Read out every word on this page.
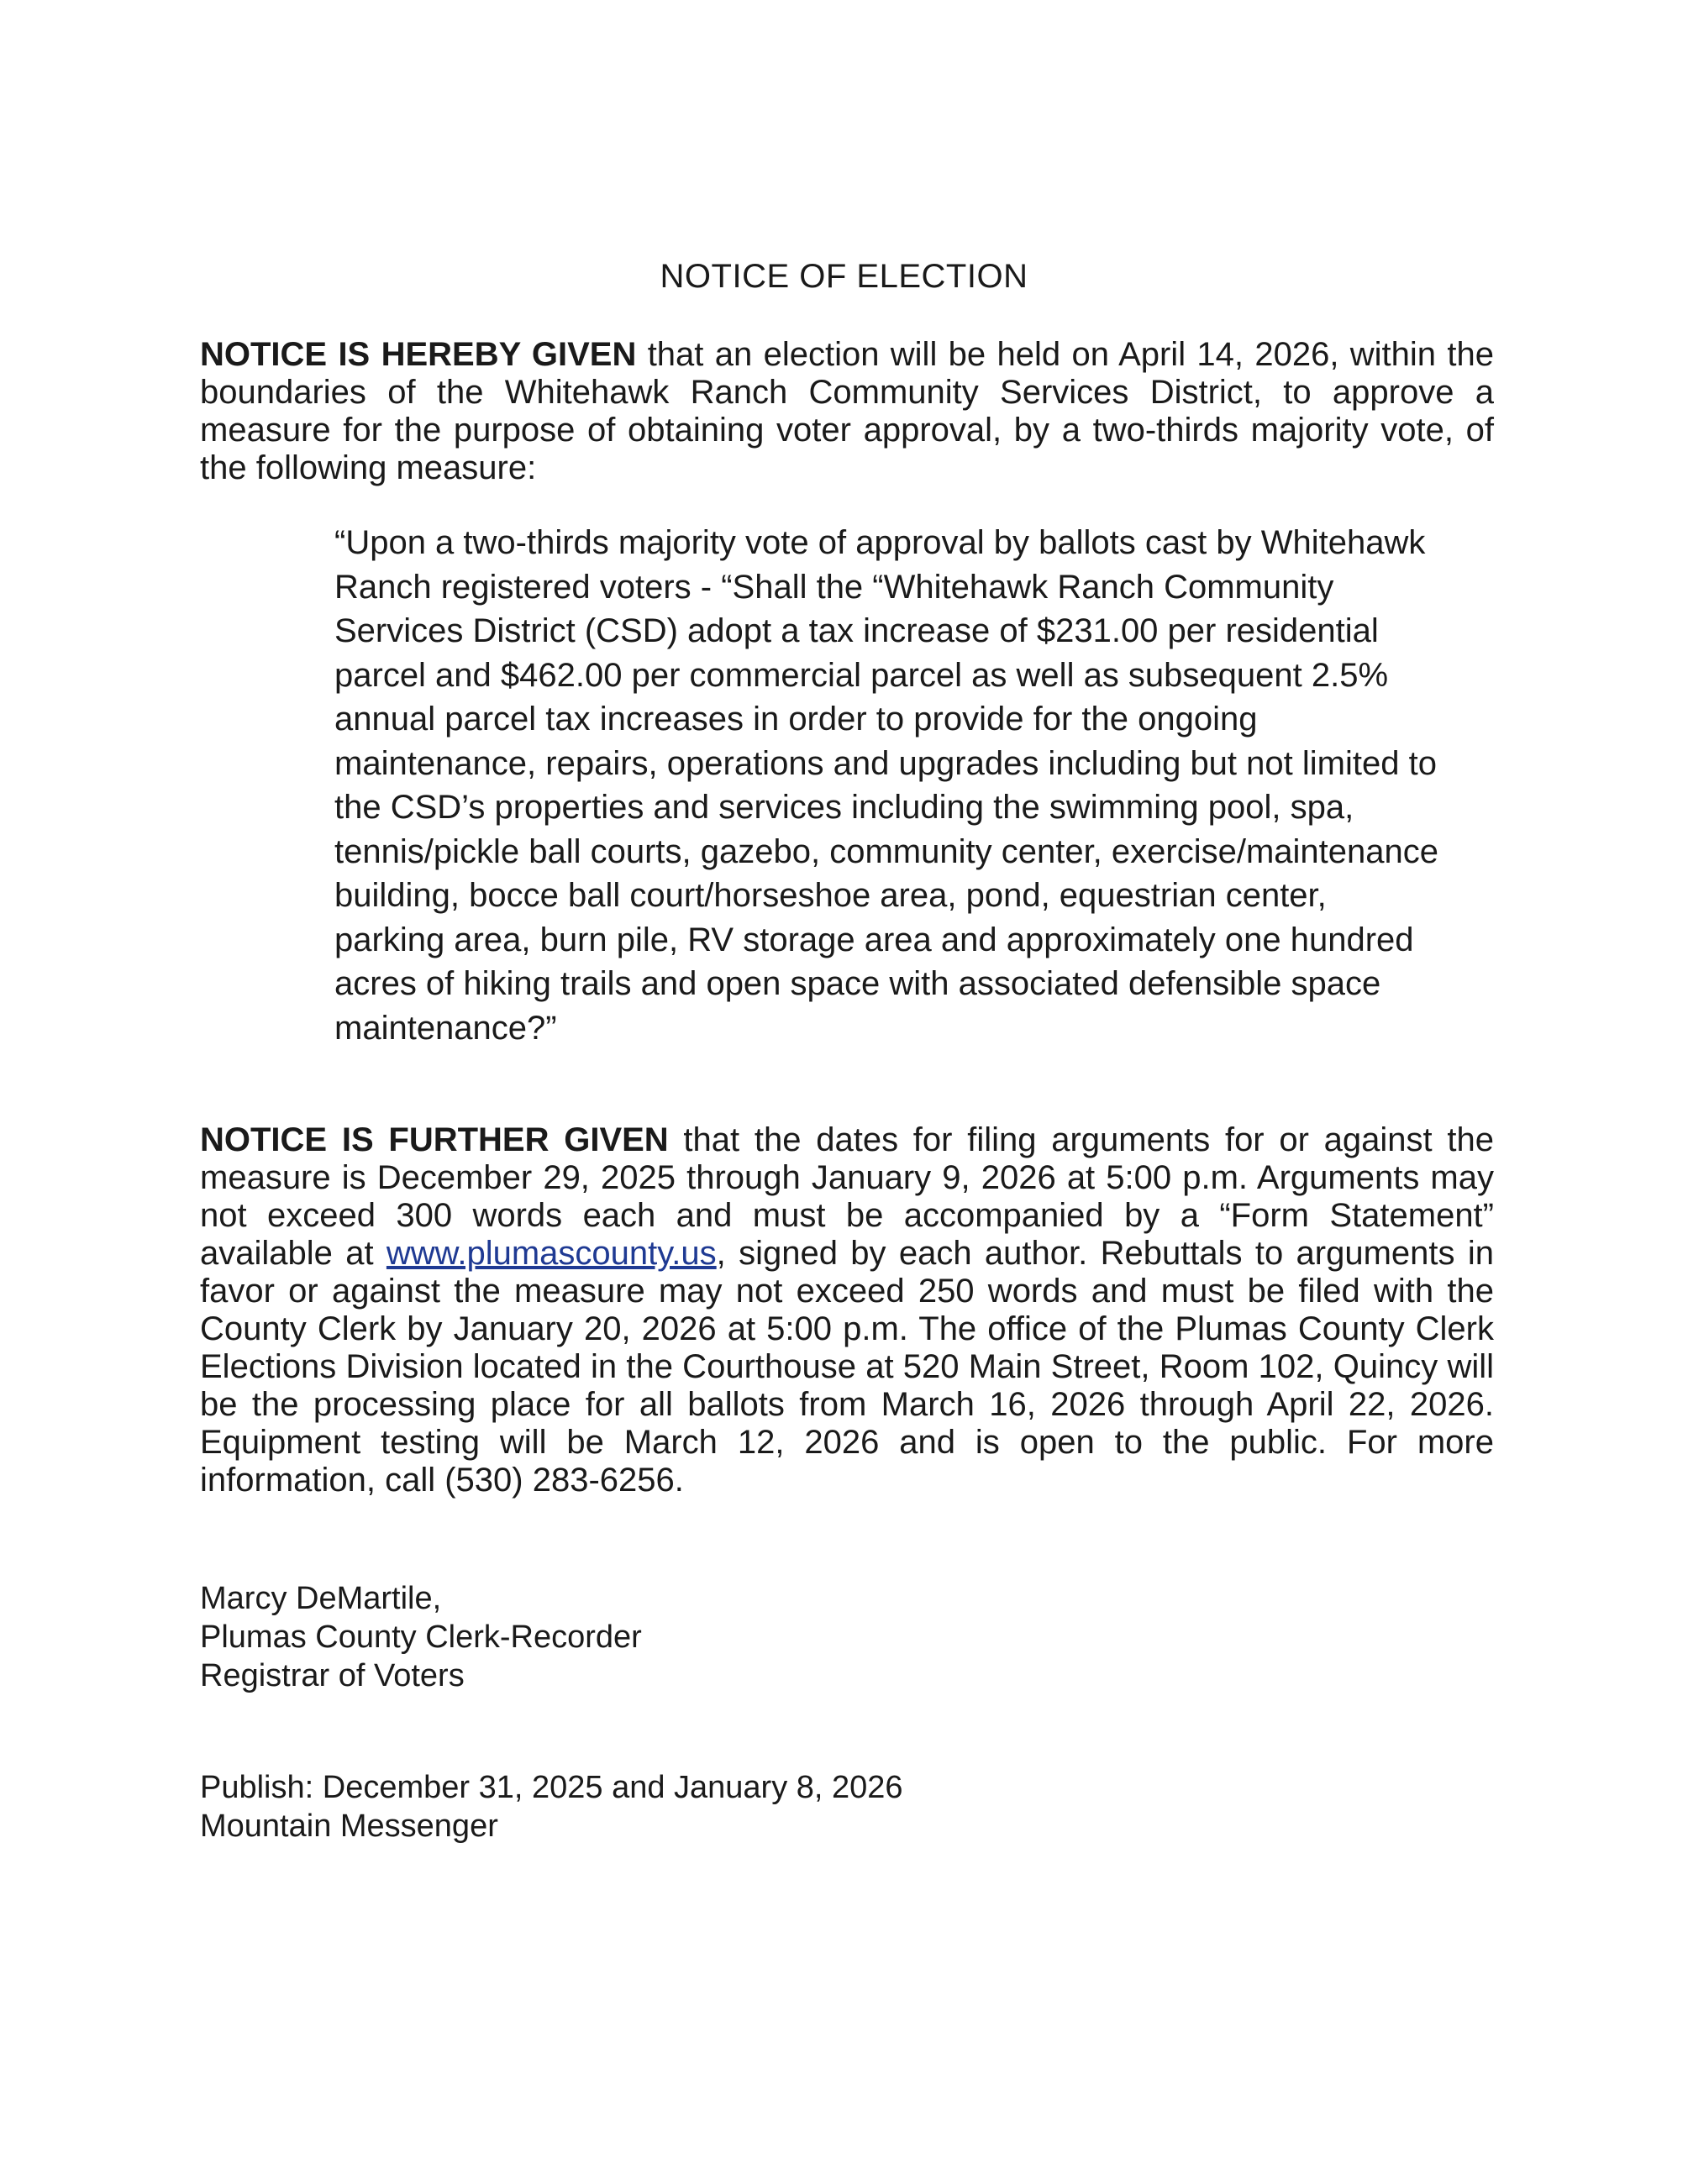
NOTICE OF ELECTION
NOTICE IS HEREBY GIVEN that an election will be held on April 14, 2026, within the boundaries of the Whitehawk Ranch Community Services District, to approve a measure for the purpose of obtaining voter approval, by a two-thirds majority vote, of the following measure:
“Upon a two-thirds majority vote of approval by ballots cast by Whitehawk Ranch registered voters - “Shall the “Whitehawk Ranch Community Services District (CSD) adopt a tax increase of $231.00 per residential parcel and $462.00 per commercial parcel as well as subsequent 2.5% annual parcel tax increases in order to provide for the ongoing maintenance, repairs, operations and upgrades including but not limited to the CSD’s properties and services including the swimming pool, spa, tennis/pickle ball courts, gazebo, community center, exercise/maintenance building, bocce ball court/horseshoe area, pond, equestrian center, parking area, burn pile, RV storage area and approximately one hundred acres of hiking trails and open space with associated defensible space maintenance?”
NOTICE IS FURTHER GIVEN that the dates for filing arguments for or against the measure is December 29, 2025 through January 9, 2026 at 5:00 p.m. Arguments may not exceed 300 words each and must be accompanied by a “Form Statement” available at www.plumascounty.us, signed by each author. Rebuttals to arguments in favor or against the measure may not exceed 250 words and must be filed with the County Clerk by January 20, 2026 at 5:00 p.m. The office of the Plumas County Clerk Elections Division located in the Courthouse at 520 Main Street, Room 102, Quincy will be the processing place for all ballots from March 16, 2026 through April 22, 2026. Equipment testing will be March 12, 2026 and is open to the public. For more information, call (530) 283-6256.
Marcy DeMartile,
Plumas County Clerk-Recorder
Registrar of Voters
Publish: December 31, 2025 and January 8, 2026
Mountain Messenger
